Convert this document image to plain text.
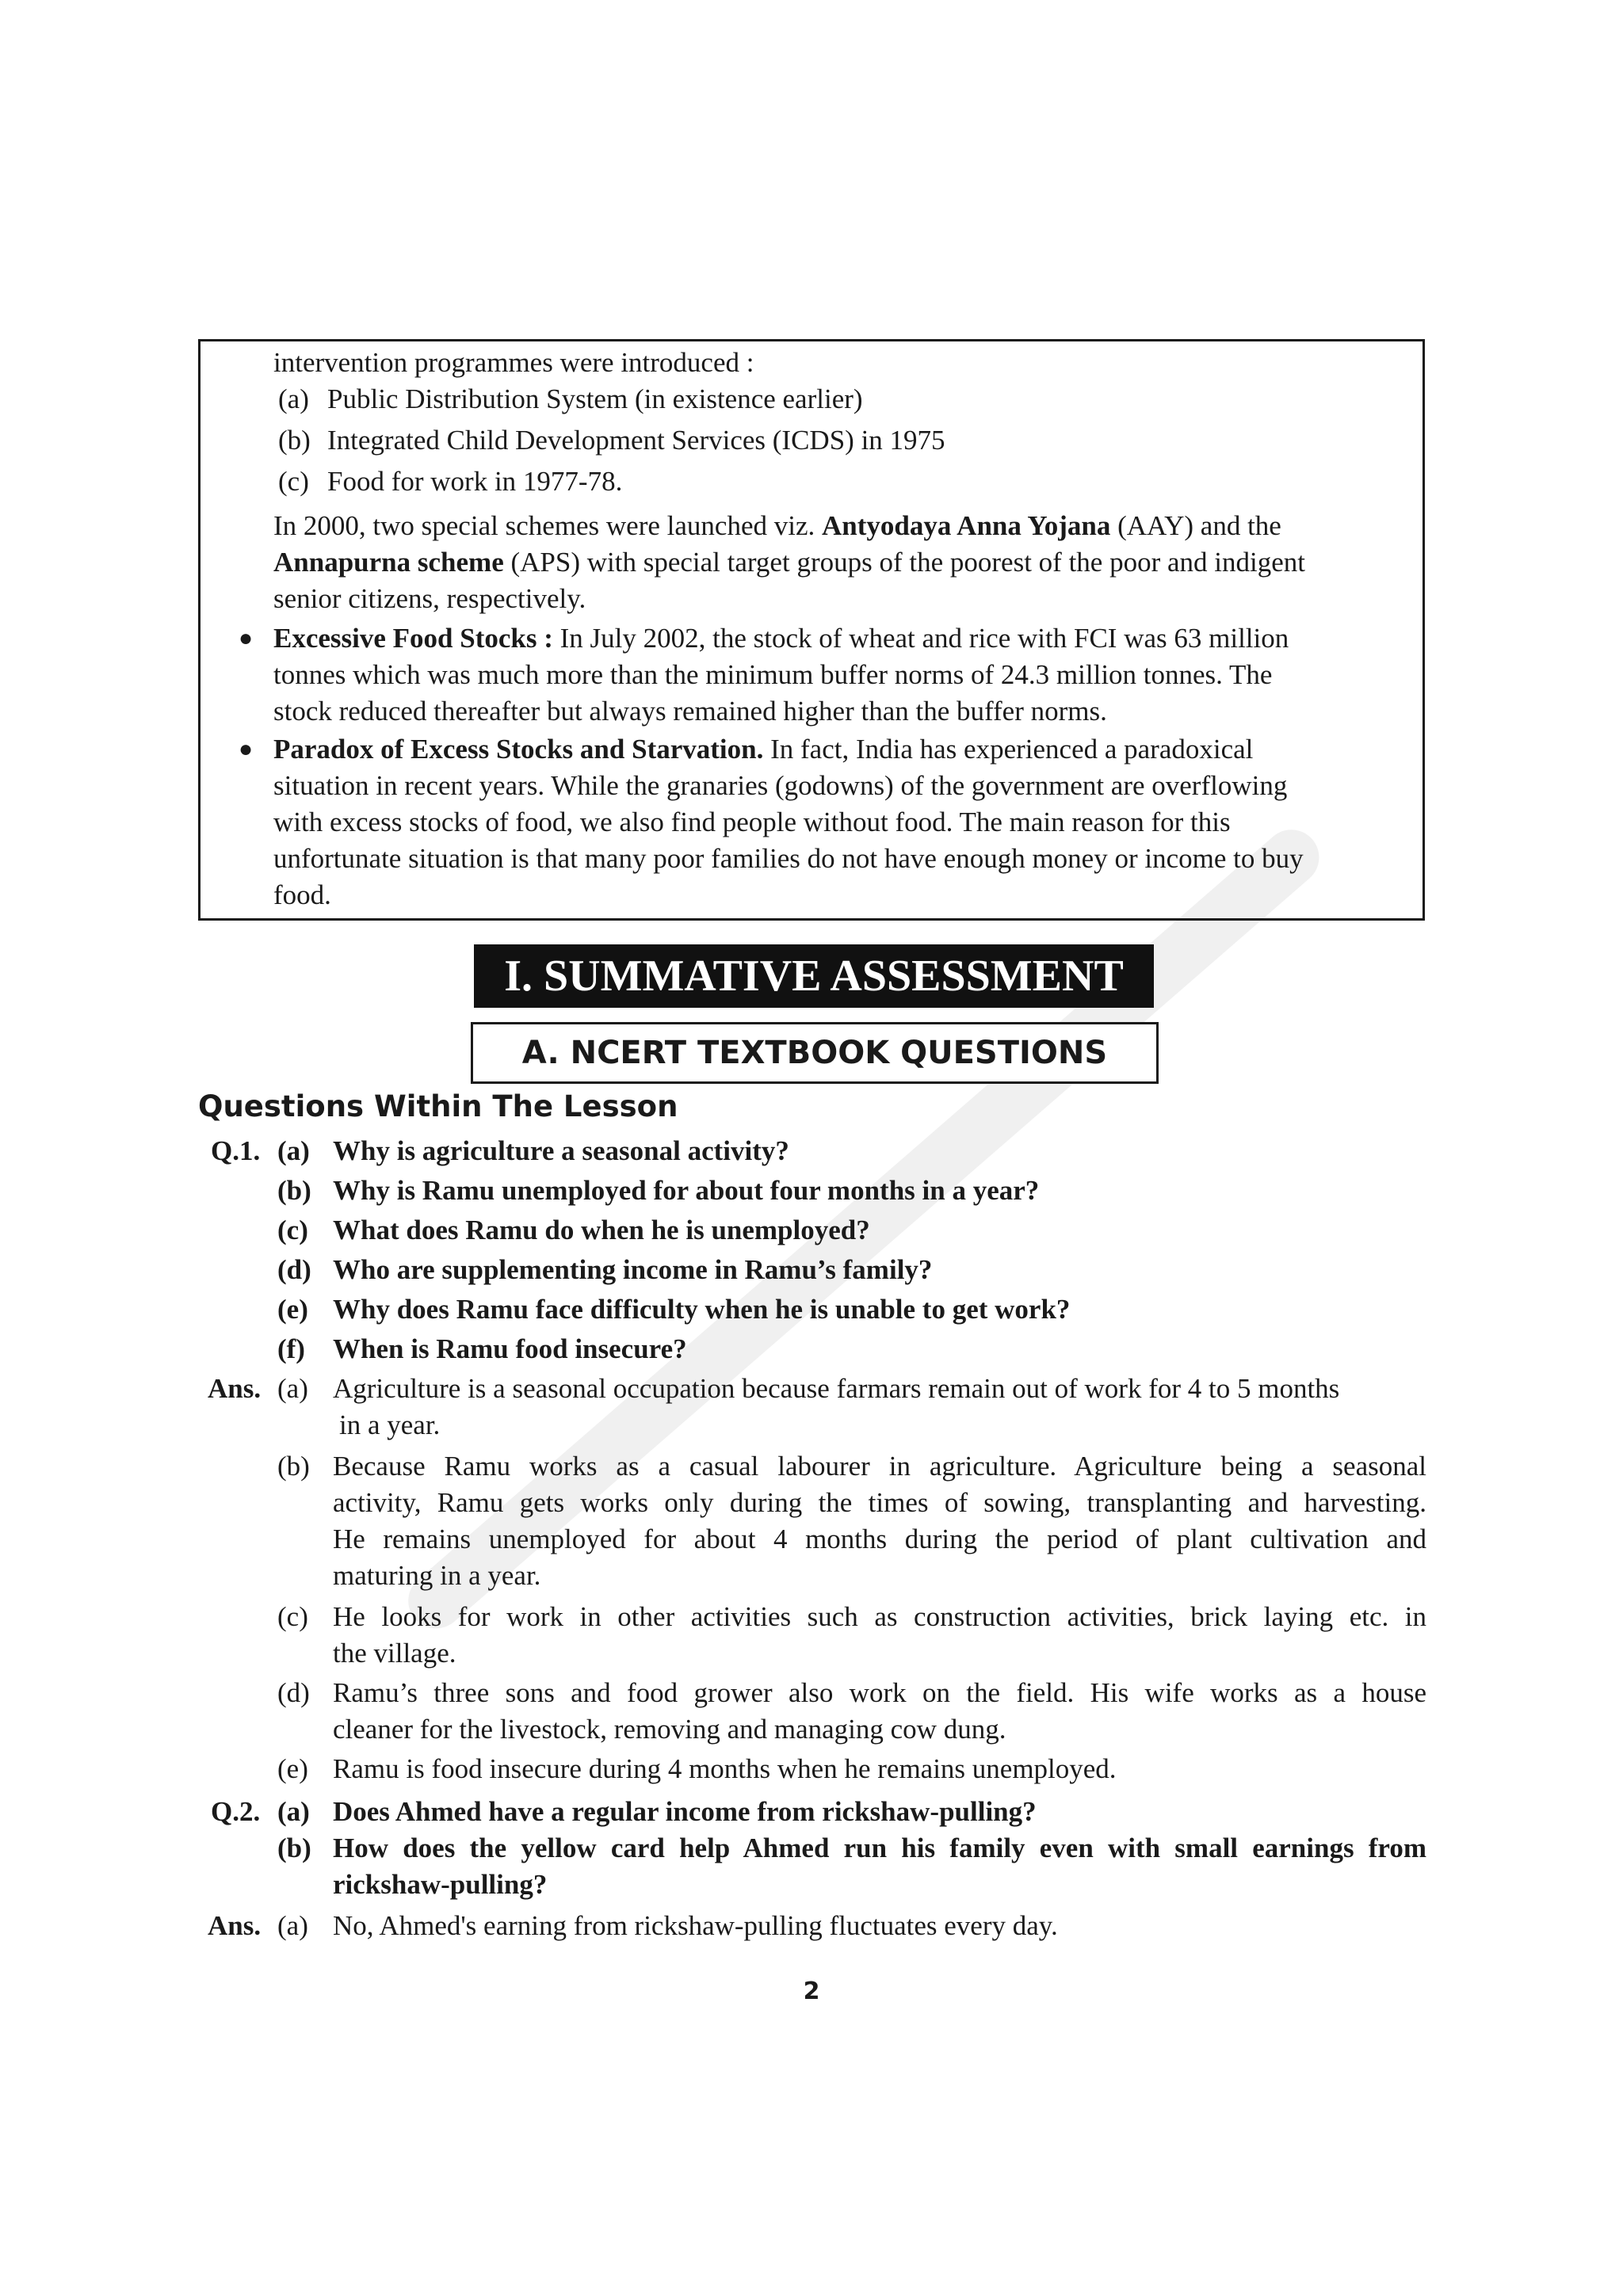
intervention programmes were introduced :
(a) Public Distribution System (in existence earlier)
(b) Integrated Child Development Services (ICDS) in 1975
(c) Food for work in 1977-78.
In 2000, two special schemes were launched viz. Antyodaya Anna Yojana (AAY) and the
Annapurna scheme (APS) with special target groups of the poorest of the poor and indigent
senior citizens, respectively.
● Excessive Food Stocks : In July 2002, the stock of wheat and rice with FCI was 63 million
tonnes which was much more than the minimum buffer norms of 24.3 million tonnes. The
stock reduced thereafter but always remained higher than the buffer norms.
● Paradox of Excess Stocks and Starvation. In fact, India has experienced a paradoxical
situation in recent years. While the granaries (godowns) of the government are overflowing
with excess stocks of food, we also find people without food. The main reason for this
unfortunate situation is that many poor families do not have enough money or income to buy
food.
I. SUMMATIVE ASSESSMENT
A. NCERT TEXTBOOK QUESTIONS
Questions Within The Lesson
Q.1. (a) Why is agriculture a seasonal activity?
(b) Why is Ramu unemployed for about four months in a year?
(c) What does Ramu do when he is unemployed?
(d) Who are supplementing income in Ramu’s family?
(e) Why does Ramu face difficulty when he is unable to get work?
(f) When is Ramu food insecure?
Ans. (a) Agriculture is a seasonal occupation because farmars remain out of work for 4 to 5 months
in a year.
(b) Because Ramu works as a casual labourer in agriculture. Agriculture being a seasonal
activity, Ramu gets works only during the times of sowing, transplanting and harvesting.
He remains unemployed for about 4 months during the period of plant cultivation and
maturing in a year.
(c) He looks for work in other activities such as construction activities, brick laying etc. in
the village.
(d) Ramu’s three sons and food grower also work on the field. His wife works as a house
cleaner for the livestock, removing and managing cow dung.
(e) Ramu is food insecure during 4 months when he remains unemployed.
Q.2. (a) Does Ahmed have a regular income from rickshaw-pulling?
(b) How does the yellow card help Ahmed run his family even with small earnings from
rickshaw-pulling?
Ans. (a) No, Ahmed's earning from rickshaw-pulling fluctuates every day.
2
